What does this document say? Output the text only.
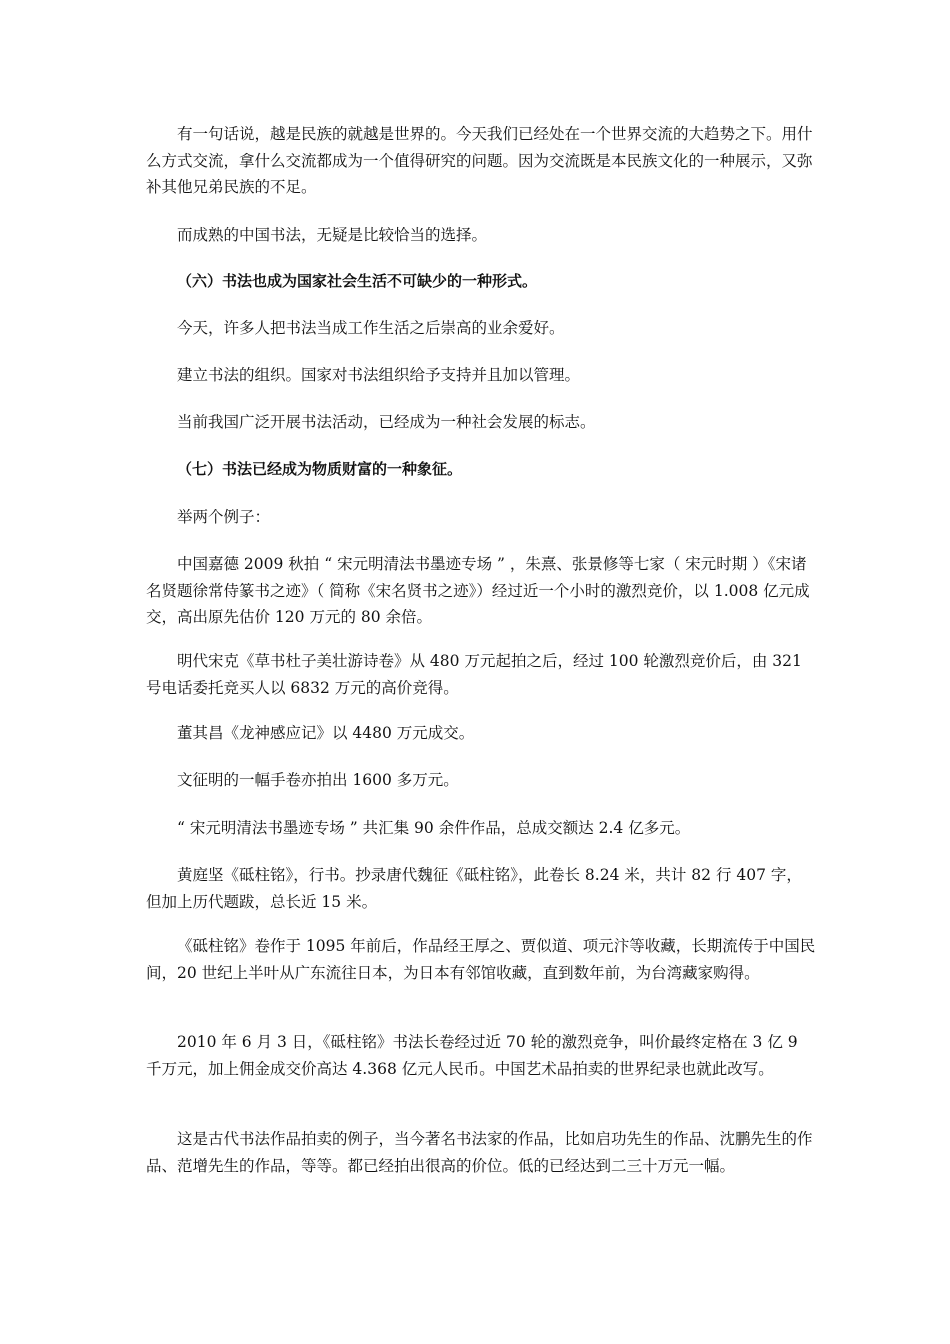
有一句话说，越是民族的就越是世界的。今天我们已经处在一个世界交流的大趋势之下。用什么方式交流，拿什么交流都成为一个值得研究的问题。因为交流既是本民族文化的一种展示，又弥补其他兄弟民族的不足。

而成熟的中国书法，无疑是比较恰当的选择。

（六）书法也成为国家社会生活不可缺少的一种形式。

今天，许多人把书法当成工作生活之后崇高的业余爱好。

建立书法的组织。国家对书法组织给予支持并且加以管理。

当前我国广泛开展书法活动，已经成为一种社会发展的标志。

（七）书法已经成为物质财富的一种象征。

举两个例子：

中国嘉德 2009 秋拍 “ 宋元明清法书墨迹专场 ” ，朱熹、张景修等七家（ 宋元时期 ）《宋诸名贤题徐常侍篆书之迹》（ 简称《宋名贤书之迹》）经过近一个小时的激烈竞价，以 1.008 亿元成交，高出原先估价 120 万元的 80 余倍。

明代宋克《草书杜子美壮游诗卷》从 480 万元起拍之后，经过 100 轮激烈竞价后，由 321 号电话委托竞买人以 6832 万元的高价竞得。

董其昌《龙神感应记》以 4480 万元成交。

文征明的一幅手卷亦拍出 1600 多万元。

“ 宋元明清法书墨迹专场 ” 共汇集 90 余件作品，总成交额达 2.4 亿多元。

黄庭坚《砥柱铭》，行书。抄录唐代魏征《砥柱铭》，此卷长 8.24 米，共计 82 行 407 字，但加上历代题跋，总长近 15 米。

《砥柱铭》卷作于 1095 年前后，作品经王厚之、贾似道、项元汴等收藏，长期流传于中国民间，20 世纪上半叶从广东流往日本，为日本有邻馆收藏，直到数年前，为台湾藏家购得。

2010 年 6 月 3 日，《砥柱铭》书法长卷经过近 70 轮的激烈竞争，叫价最终定格在 3 亿 9 千万元，加上佣金成交价高达 4.368 亿元人民币。中国艺术品拍卖的世界纪录也就此改写。

这是古代书法作品拍卖的例子，当今著名书法家的作品，比如启功先生的作品、沈鹏先生的作品、范增先生的作品，等等。都已经拍出很高的价位。低的已经达到二三十万元一幅。
